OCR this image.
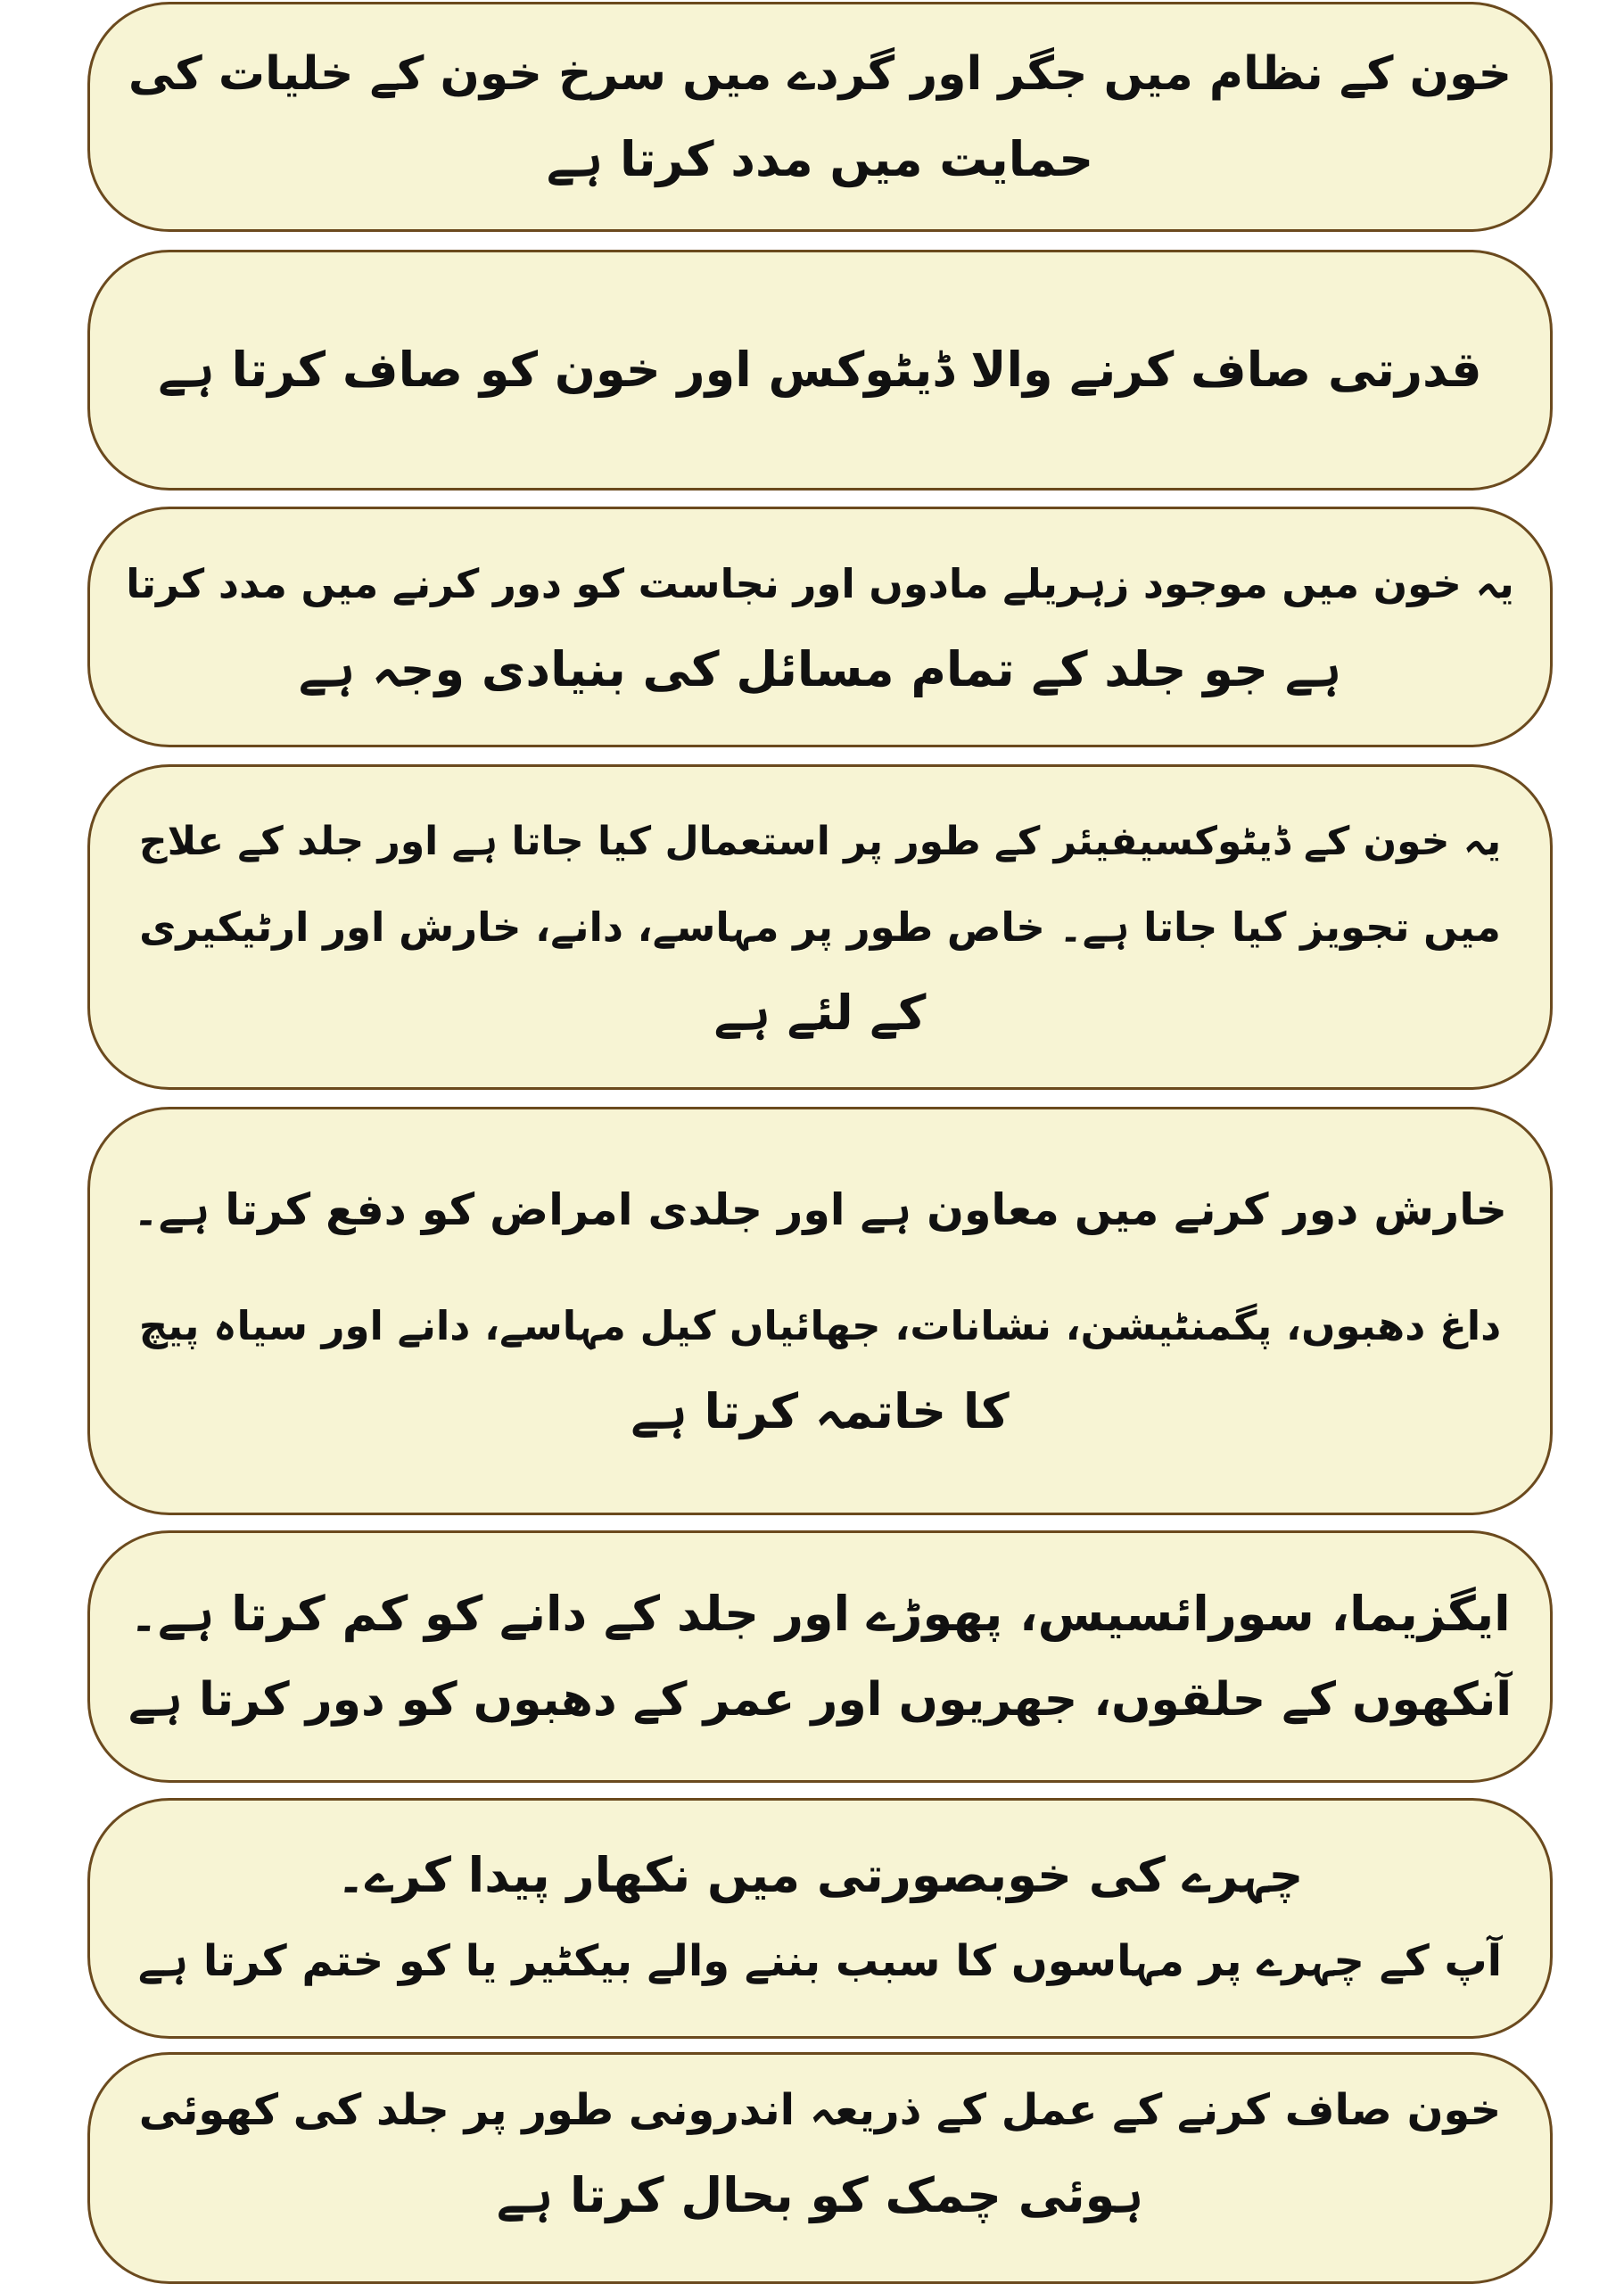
خون کے نظام میں جگر اور گردے میں سرخ خون کے خلیات کی
حمایت میں مدد کرتا ہے
قدرتی صاف کرنے والا ڈیٹوکس اور خون کو صاف کرتا ہے
یہ خون میں موجود زہریلے مادوں اور نجاست کو دور کرنے میں مدد کرتا
ہے جو جلد کے تمام مسائل کی بنیادی وجہ ہے
یہ خون کے ڈیٹوکسیفیئر کے طور پر استعمال کیا جاتا ہے اور جلد کے علاج
میں تجویز کیا جاتا ہے۔ خاص طور پر مہاسے، دانے، خارش اور ارٹیکیری
کے لئے ہے
خارش دور کرنے میں معاون ہے اور جلدی امراض کو دفع کرتا ہے۔
داغ دھبوں، پگمنٹیشن، نشانات، جھائیاں کیل مہاسے، دانے اور سیاہ پیچ
کا خاتمہ کرتا ہے
ایگزیما، سورائسیس، پھوڑے اور جلد کے دانے کو کم کرتا ہے۔
آنکھوں کے حلقوں، جھریوں اور عمر کے دھبوں کو دور کرتا ہے
چہرے کی خوبصورتی میں نکھار پیدا کرے۔
آپ کے چہرے پر مہاسوں کا سبب بننے والے بیکٹیر یا کو ختم کرتا ہے
خون صاف کرنے کے عمل کے ذریعہ اندرونی طور پر جلد کی کھوئی
ہوئی چمک کو بحال کرتا ہے
